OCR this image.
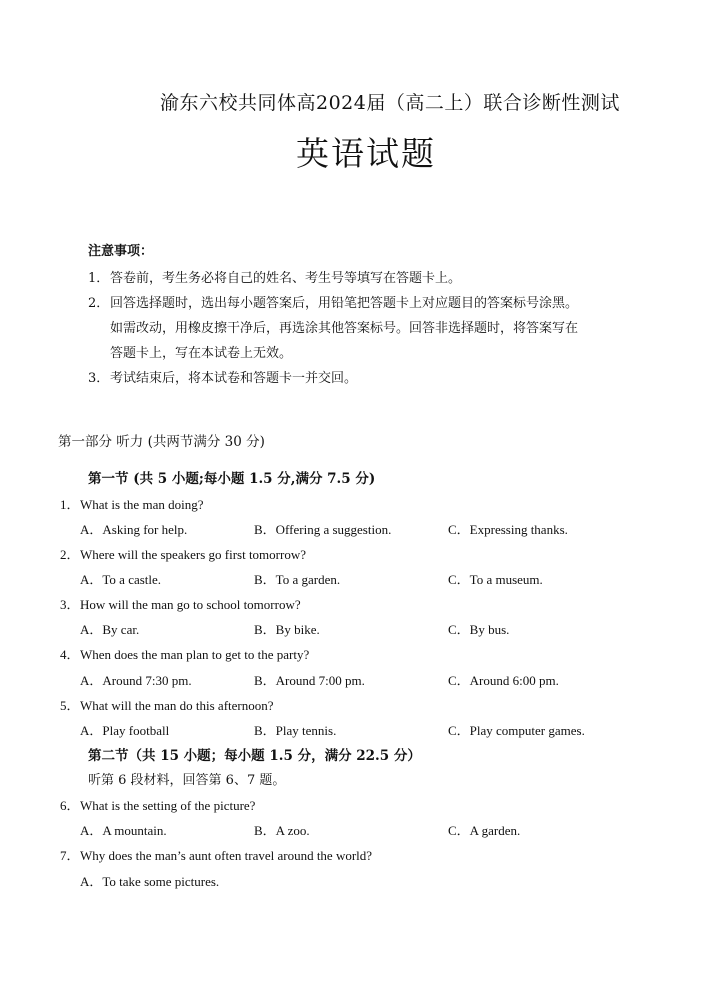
渝东六校共同体高2024届（高二上）联合诊断性测试
英语试题
注意事项：
1．答卷前，考生务必将自己的姓名、考生号等填写在答题卡上。
2．回答选择题时，选出每小题答案后，用铅笔把答题卡上对应题目的答案标号涂黑。
如需改动，用橡皮擦干净后，再选涂其他答案标号。回答非选择题时，将答案写在
答题卡上，写在本试卷上无效。
3．考试结束后，将本试卷和答题卡一并交回。
第一部分 听力 (共两节满分 30 分)
第一节 (共 5 小题;每小题 1.5 分,满分 7.5 分)
1．What is the man doing?
A．Asking for help.	B．Offering a suggestion.	C．Expressing thanks.
2．Where will the speakers go first tomorrow?
A．To a castle.	B．To a garden.	C．To a museum.
3．How will the man go to school tomorrow?
A．By car.	B．By bike.	C．By bus.
4．When does the man plan to get to the party?
A．Around 7:30 pm.	B．Around 7:00 pm.	C．Around 6:00 pm.
5．What will the man do this afternoon?
A．Play football	B．Play tennis.	C．Play computer games.
第二节（共 15 小题；每小题 1.5 分，满分 22.5 分）
听第 6 段材料，回答第 6、7 题。
6．What is the setting of the picture?
A．A mountain.	B．A zoo.	C．A garden.
7．Why does the man’s aunt often travel around the world?
A．To take some pictures.
